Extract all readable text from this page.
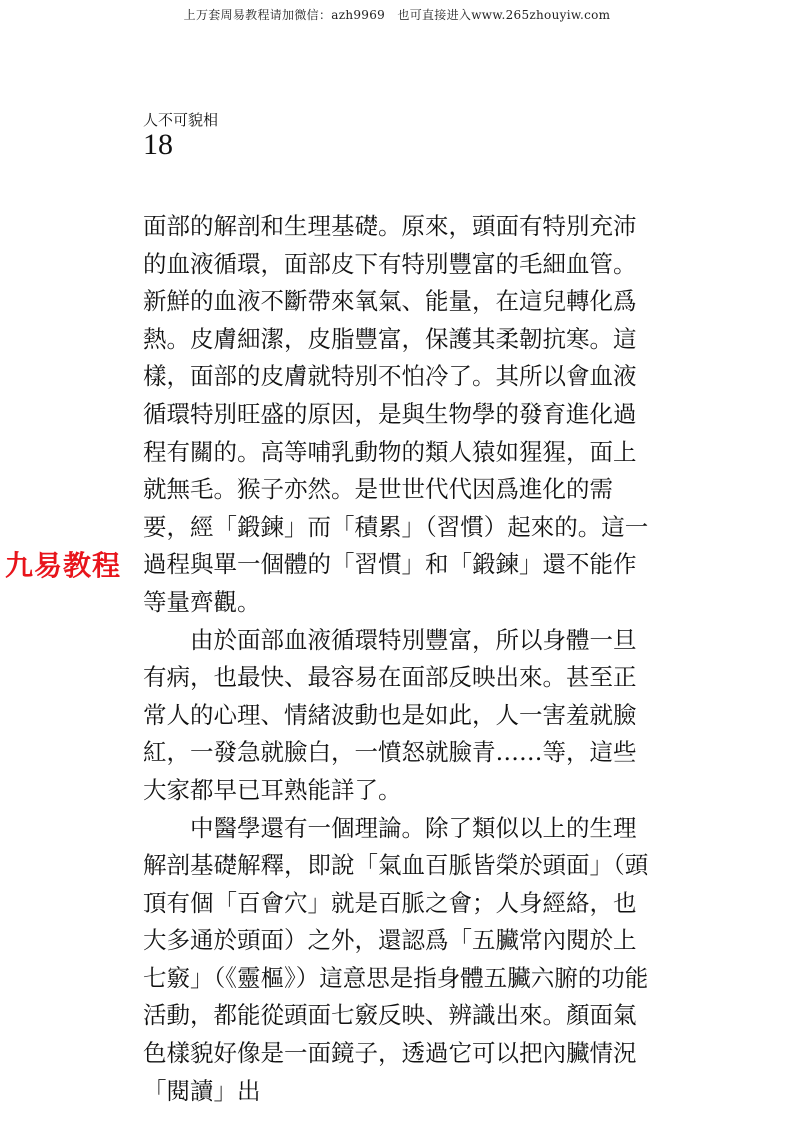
上万套周易教程请加微信：azh9969　也可直接进入www.265zhouyiw.com
人不可貌相
18

面部的解剖和生理基礎。原來，頭面有特別充沛的血液循環，面部皮下有特別豐富的毛細血管。新鮮的血液不斷帶來氧氣、能量，在這兒轉化爲熱。皮膚細潔，皮脂豐富，保護其柔韌抗寒。這樣，面部的皮膚就特別不怕冷了。其所以會血液循環特別旺盛的原因，是與生物學的發育進化過程有關的。高等哺乳動物的類人猿如猩猩，面上就無毛。猴子亦然。是世世代代因爲進化的需要，經「鍛鍊」而「積累」（習慣）起來的。這一過程與單一個體的「習慣」和「鍛鍊」還不能作等量齊觀。

由於面部血液循環特別豐富，所以身體一旦有病，也最快、最容易在面部反映出來。甚至正常人的心理、情緒波動也是如此，人一害羞就臉紅，一發急就臉白，一憤怒就臉青……等，這些大家都早已耳熟能詳了。

中醫學還有一個理論。除了類似以上的生理解剖基礎解釋，即說「氣血百脈皆榮於頭面」（頭頂有個「百會穴」就是百脈之會；人身經絡，也大多通於頭面）之外，還認爲「五臟常內閱於上七竅」（《靈樞》）這意思是指身體五臟六腑的功能活動，都能從頭面七竅反映、辨識出來。顏面氣色樣貌好像是一面鏡子，透過它可以把內臟情況「閱讀」出

九易教程
